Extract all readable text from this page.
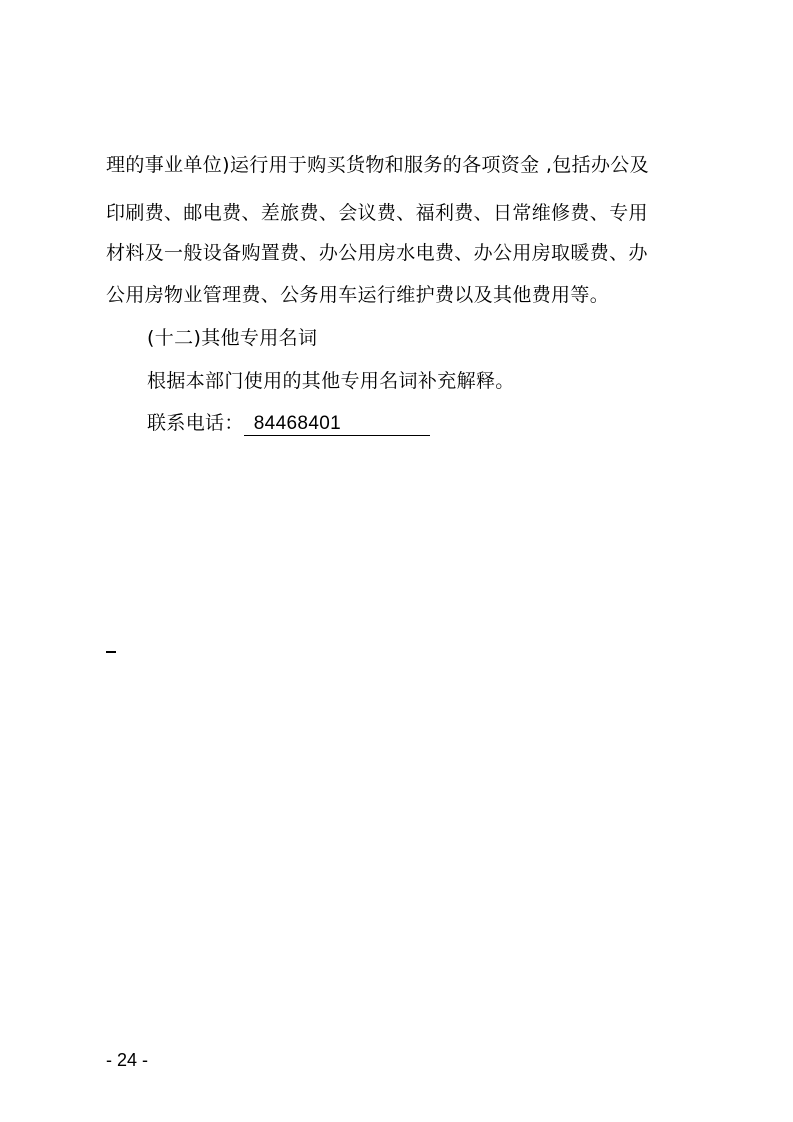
理的事业单位)运行用于购买货物和服务的各项资金 ,包括办公及
印刷费、邮电费、差旅费、会议费、福利费、日常维修费、专用
材料及一般设备购置费、办公用房水电费、办公用房取暖费、办
公用房物业管理费、公务用车运行维护费以及其他费用等。
(十二)其他专用名词
根据本部门使用的其他专用名词补充解释。
联系电话： 84468401
- 24 -
